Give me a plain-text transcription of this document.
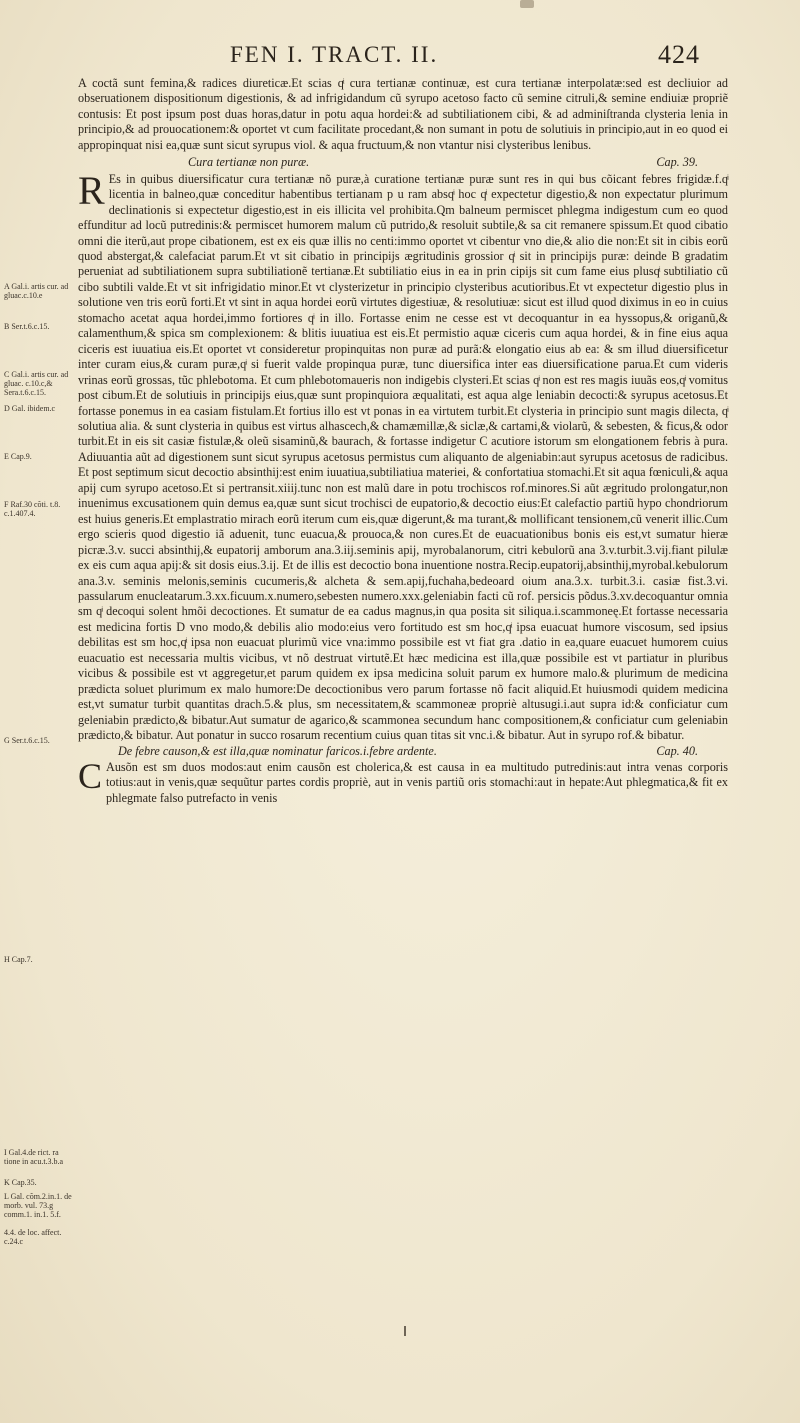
FEN I. TRACT. II.	424
A Gal.i. artis cur. ad gluac.c.10.e
B Ser.t.6.c.15.
C Gal.i. artis cur. ad gluac. c.10.c,& Sera.t.6.c.15.
D Gal. ibidem.c
E Cap.9.
F Raf.30 cõti. t.8. c.1.407.4.
G Ser.t.6.c.15.
H Cap.7.
I Gal.4.de rict. ra tione in acu.t.3.b.a
K Cap.35.
L Gal. cõm.2.in.1. de morb. vul. 73.g comm.1. in.1. 5.f.
4.4. de loc. affect. c.24.c

A coctã sunt femina,& radices diureticæ.Et scias qͥ cura tertianæ continuæ, est cura tertianæ interpolatæ:sed est decliuior ad obseruationem dispositionum digestionis, & ad infrigidandum cũ syrupo acetoso facto cũ semine citruli,& semine endiuiæ propriẽ contusis: Et post ipsum post duas horas,datur in potu aqua hordei:& ad subtiliationem cibi, & ad adminiſtranda clysteria lenia in principio,& ad prouocationem:& oportet vt cum facilitate procedant,& non sumant in potu de solutiuis in principio,aut in eo quod ei appropinquat nisi ea,quæ sunt sicut syrupus viol. & aqua fructuum,& non vtantur nisi clysteribus lenibus.

Cura tertianæ non puræ.	Cap. 39.

R Es in quibus diuersificatur cura tertianæ nõ puræ,à curatione tertianæ puræ sunt res in qui bus cõicant febres frigidæ.f.qͥ licentia in balneo,quæ conceditur habentibus tertianam p u ram absqͥ hoc qͥ expectetur digestio,& non expectatur plurimum declinationis si expectetur digestio,est in eis illicita vel prohibita.Qm balneum permiscet phlegma indigestum cum eo quod effunditur ad locũ putredinis:& permiscet humorem malum cũ putrido,& resoluit subtile,& sa cit remanere spissum.Et quod cibatio omni die iterũ,aut prope cibationem, est ex eis quæ illis no centi:immo oportet vt cibentur vno die,& alio die non:Et sit in cibis eorũ quod abstergat,& calefaciat parum.Et vt sit cibatio in principijs ægritudinis grossior qͥ sit in principijs puræ: deinde B gradatim perueniat ad subtiliationem supra subtiliationẽ tertianæ.Et subtiliatio eius in ea in prin cipijs sit cum fame eius plusqͥ subtiliatio cũ cibo subtili valde.Et vt sit infrigidatio minor.Et vt clysterizetur in principio clysteribus acutioribus.Et vt expectetur digestio plus in solutione ven tris eorũ forti.Et vt sint in aqua hordei eorũ virtutes digestiuæ, & resolutiuæ: sicut est illud quod diximus in eo in cuius stomacho acetat aqua hordei,immo fortiores qͥ in illo. Fortasse enim ne cesse est vt decoquantur in ea hyssopus,& origanũ,& calamenthum,& spica sm complexionem: & blitis iuuatiua est eis.Et permistio aquæ ciceris cum aqua hordei, & in fine eius aqua ciceris est iuuatiua eis.Et oportet vt consideretur propinquitas non puræ ad purã:& elongatio eius ab ea: & sm illud diuersificetur inter curam eius,& curam puræ,qͥ si fuerit valde propinqua puræ, tunc diuersifica inter eas diuersificatione parua.Et cum videris vrinas eorũ grossas, tũc phlebotoma. Et cum phlebotomaueris non indigebis clysteri.Et scias qͥ non est res magis iuuãs eos,qͥ vomitus post cibum.Et de solutiuis in principijs eius,quæ sunt propinquiora æqualitati, est aqua alge leniabin decocti:& syrupus acetosus.Et fortasse ponemus in ea casiam fistulam.Et fortius illo est vt ponas in ea virtutem turbit.Et clysteria in principio sunt magis dilecta, qͥ solutiua alia. & sunt clysteria in quibus est virtus alhascech,& chamæmillæ,& siclæ,& cartami,& violarũ, & sebesten, & ficus,& odor turbit.Et in eis sit casiæ fistulæ,& oleũ sisaminũ,& baurach, & fortasse indigetur C acutiore istorum sm elongationem febris à pura. Adiuuantia aũt ad digestionem sunt sicut syrupus acetosus permistus cum aliquanto de algeniabin:aut syrupus acetosus de radicibus. Et post septimum sicut decoctio absinthij:est enim iuuatiua,subtiliatiua materiei, & confortatiua stomachi.Et sit aqua fœniculi,& aqua apij cum syrupo acetoso.Et si pertransit.xiiij.tunc non est malũ dare in potu trochiscos rof.minores.Si aũt ægritudo prolongatur,non inuenimus excusationem quin demus ea,quæ sunt sicut trochisci de eupatorio,& decoctio eius:Et calefactio partiũ hypo chondriorum est huius generis.Et emplastratio mirach eorũ iterum cum eis,quæ digerunt,& ma turant,& mollificant tensionem,cũ venerit illic.Cum ergo scieris quod digestio iã aduenit, tunc euacua,& prouoca,& non cures.Et de euacuationibus bonis eis est,vt sumatur hieræ picræ.3.v. succi absinthij,& eupatorij amborum ana.3.iij.seminis apij, myrobalanorum, citri kebulorũ ana 3.v.turbit.3.vij.fiant pilulæ ex eis cum aqua apij:& sit dosis eius.3.ij. Et de illis est decoctio bona inuentione nostra.Recip.eupatorij,absinthij,myrobal.kebulorum ana.3.v. seminis melonis,seminis cucumeris,& alcheta & sem.apij,fuchaha,bedeoard oium ana.3.x. turbit.3.i. casiæ fist.3.vi. passularum enucleatarum.3.xx.ficuum.x.numero,sebesten numero.xxx.geleniabin facti cũ rof. persicis põdus.3.xv.decoquantur omnia sm qͥ decoqui solent hmõi decoctiones. Et sumatur de ea cadus magnus,in qua posita sit siliqua.i.scammoneę.Et fortasse necessaria est medicina fortis D vno modo,& debilis alio modo:eius vero fortitudo est sm hoc,qͥ ipsa euacuat humore viscosum, sed ipsius debilitas est sm hoc,qͥ ipsa non euacuat plurimũ vice vna:immo possibile est vt fiat gra .datio in ea,quare euacuet humorem cuius euacuatio est necessaria multis vicibus, vt nõ destruat virtutẽ.Et hæc medicina est illa,quæ possibile est vt partiatur in pluribus vicibus & possibile est vt aggregetur,et parum quidem ex ipsa medicina soluit parum ex humore malo.& plurimum de medicina prædicta soluet plurimum ex malo humore:De decoctionibus vero parum fortasse nõ facit aliquid.Et huiusmodi quidem medicina est,vt sumatur turbit quantitas drach.5.& plus, sm necessitatem,& scammoneæ propriè altusugi.i.aut supra id:& conficiatur cum geleniabin prædicto,& bibatur.Aut sumatur de agarico,& scammonea secundum hanc compositionem,& conficiatur cum geleniabin prædicto,& bibatur. Aut ponatur in succo rosarum recentium cuius quan titas sit vnc.i.& bibatur. Aut in syrupo rof.& bibatur.

De febre causon,& est illa,quæ nominatur faricos.i.febre ardente.	Cap. 40.

C Ausõn est sm duos modos:aut enim causõn est cholerica,& est causa in ea multitudo putredinis:aut intra venas corporis totius:aut in venis,quæ sequũtur partes cordis propriè, aut in venis partiũ oris stomachi:aut in hepate:Aut phlegmatica,& fit ex phlegmate falso putrefacto in venis
